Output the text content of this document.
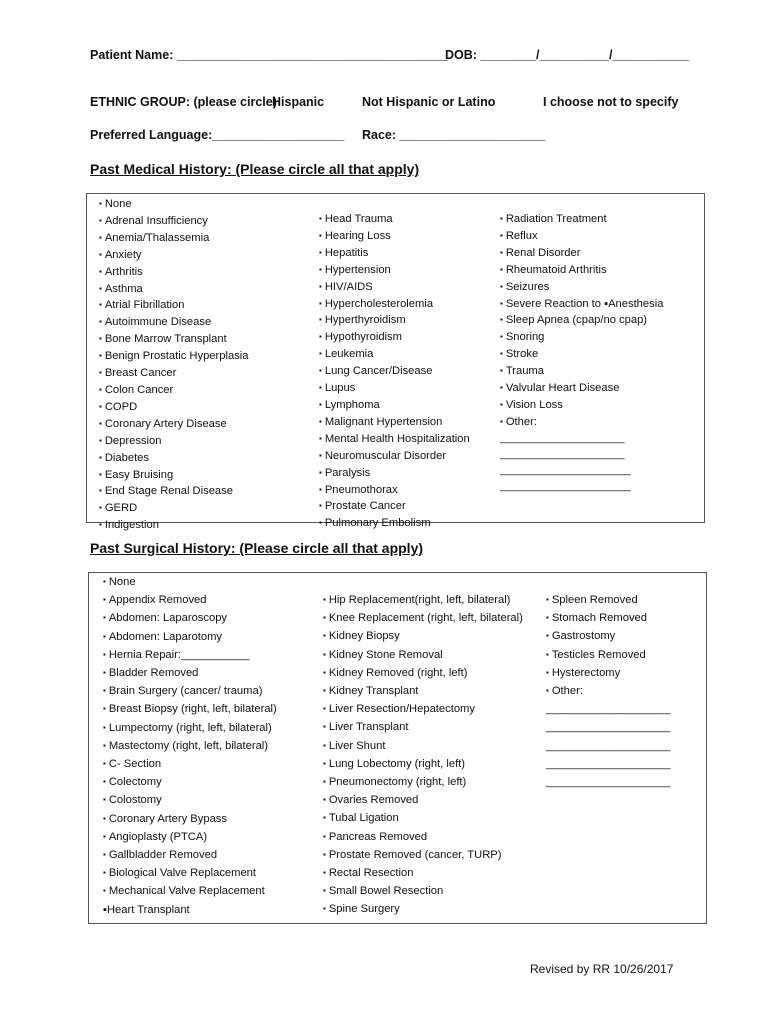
Patient Name: _______________________________________
DOB: ________/__________/___________
ETHNIC GROUP: (please circle)
Hispanic	Not Hispanic or Latino	I choose not to specify
Preferred Language:___________________ Race: _____________________
Past Medical History: (Please circle all that apply)
▪ None
▪ Adrenal Insufficiency
▪ Anemia/Thalassemia
▪ Anxiety
▪ Arthritis
▪ Asthma
▪ Atrial Fibrillation
▪ Autoimmune Disease
▪ Bone Marrow Transplant
▪ Benign Prostatic Hyperplasia
▪ Breast Cancer
▪ Colon Cancer
▪ COPD
▪ Coronary Artery Disease
▪ Depression
▪ Diabetes
▪ Easy Bruising
▪ End Stage Renal Disease
▪ GERD
▪ Indigestion
▪ Head Trauma
▪ Hearing Loss
▪ Hepatitis
▪ Hypertension
▪ HIV/AIDS
▪ Hypercholesterolemia
▪ Hyperthyroidism
▪ Hypothyroidism
▪ Leukemia
▪ Lung Cancer/Disease
▪ Lupus
▪ Lymphoma
▪ Malignant Hypertension
▪ Mental Health Hospitalization
▪ Neuromuscular Disorder
▪ Paralysis
▪ Pneumothorax
▪ Prostate Cancer
▪ Pulmonary Embolism
▪ Radiation Treatment
▪ Reflux
▪ Renal Disorder
▪ Rheumatoid Arthritis
▪ Seizures
▪ Severe Reaction to ▪Anesthesia
▪ Sleep Apnea (cpap/no cpap)
▪ Snoring
▪ Stroke
▪ Trauma
▪ Valvular Heart Disease
▪ Vision Loss
▪ Other:
____________________
____________________
_____________________
_____________________
Past Surgical History: (Please circle all that apply)
▪ None
▪ Appendix Removed
▪ Abdomen: Laparoscopy
▪ Abdomen: Laparotomy
▪ Hernia Repair:___________
▪ Bladder Removed
▪ Brain Surgery (cancer/ trauma)
▪ Breast Biopsy (right, left, bilateral)
▪ Lumpectomy (right, left, bilateral)
▪ Mastectomy (right, left, bilateral)
▪ C- Section
▪ Colectomy
▪ Colostomy
▪ Coronary Artery Bypass
▪ Angioplasty (PTCA)
▪ Gallbladder Removed
▪ Biological Valve Replacement
▪ Mechanical Valve Replacement
▪Heart Transplant
▪ Hip Replacement(right, left, bilateral)
▪ Knee Replacement (right, left, bilateral)
▪ Kidney Biopsy
▪ Kidney Stone Removal
▪ Kidney Removed (right, left)
▪ Kidney Transplant
▪ Liver Resection/Hepatectomy
▪ Liver Transplant
▪ Liver Shunt
▪ Lung Lobectomy (right, left)
▪ Pneumonectomy (right, left)
▪ Ovaries Removed
▪ Tubal Ligation
▪ Pancreas Removed
▪ Prostate Removed (cancer, TURP)
▪ Rectal Resection
▪ Small Bowel Resection
▪ Spine Surgery
▪ Spleen Removed
▪ Stomach Removed
▪ Gastrostomy
▪ Testicles Removed
▪ Hysterectomy
▪ Other:
____________________
____________________
____________________
____________________
____________________
Revised by RR 10/26/2017
